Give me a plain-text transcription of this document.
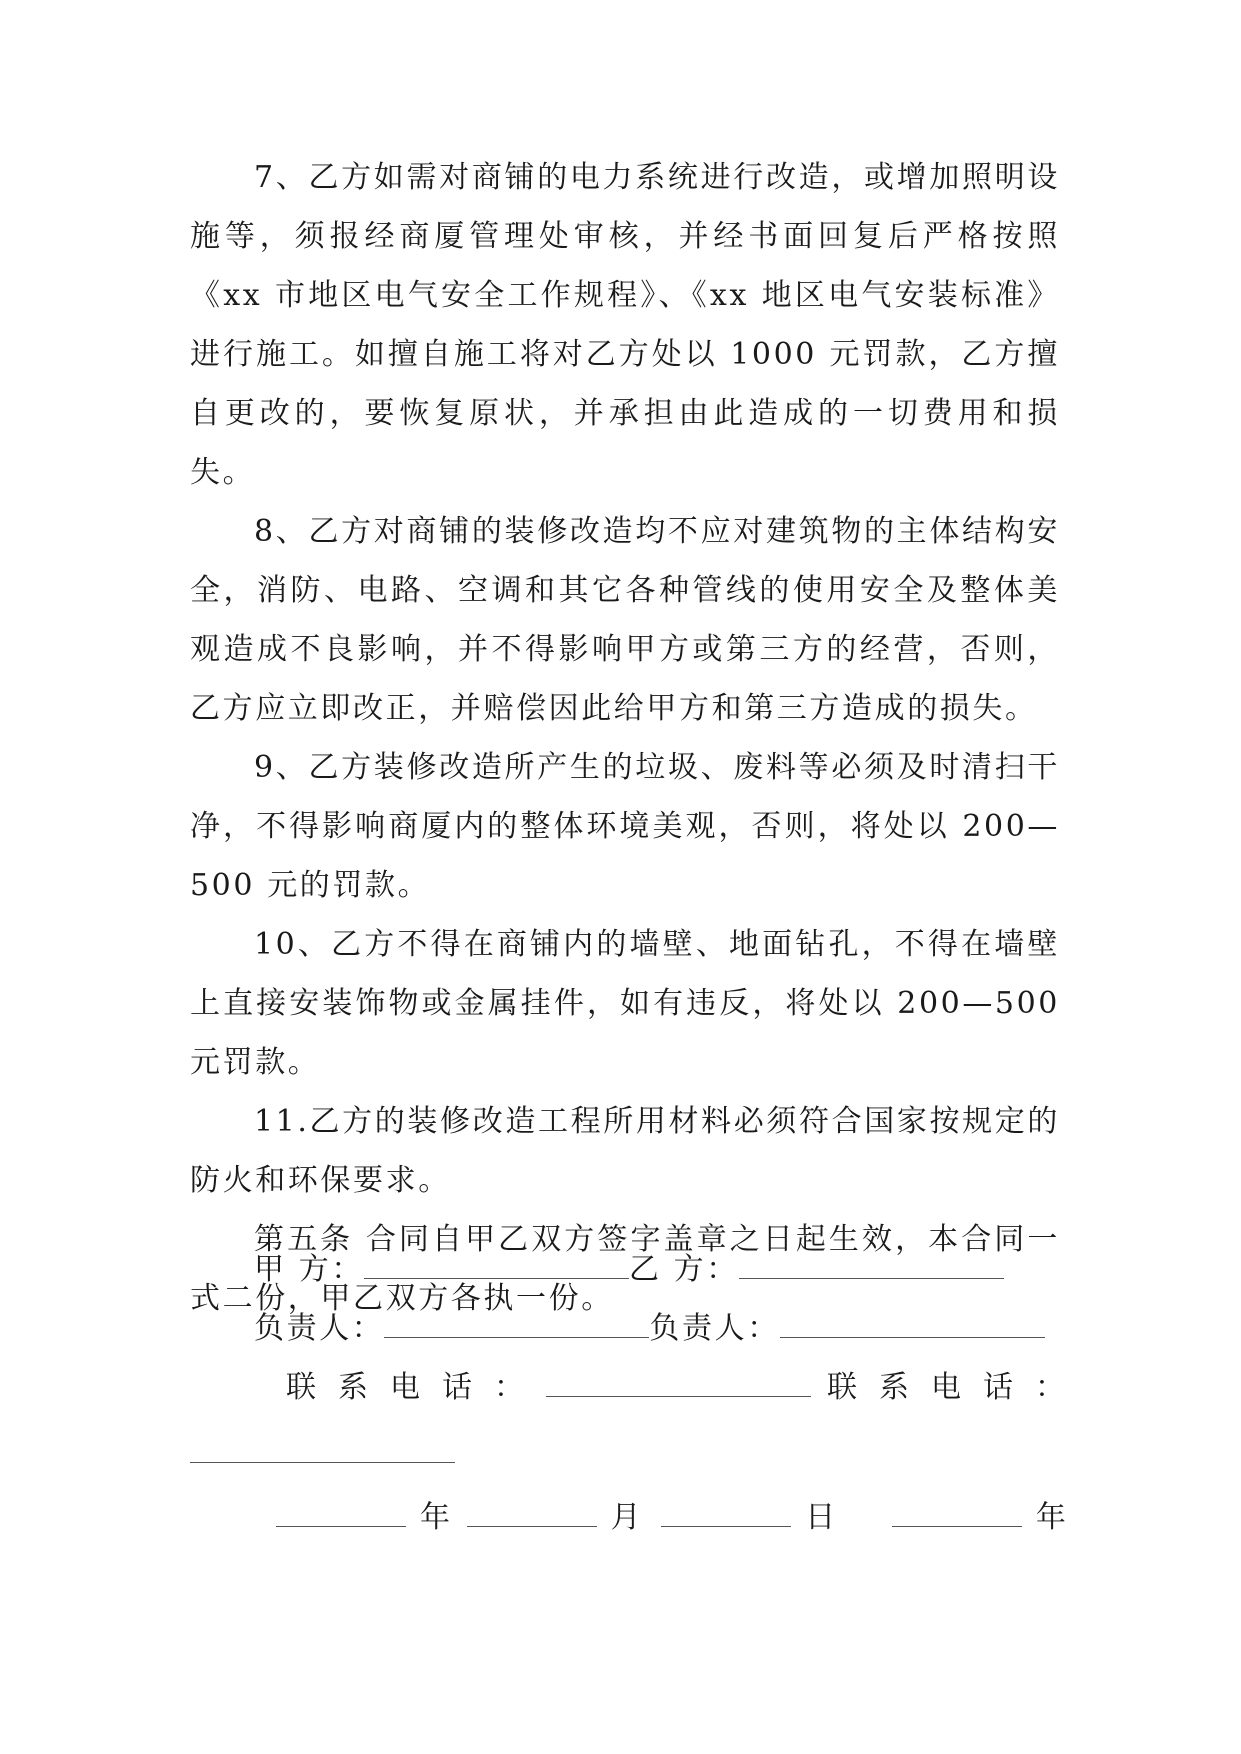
7、乙方如需对商铺的电力系统进行改造，或增加照明设施等，须报经商厦管理处审核，并经书面回复后严格按照《xx 市地区电气安全工作规程》、《xx 地区电气安装标准》进行施工。如擅自施工将对乙方处以 1000 元罚款，乙方擅自更改的，要恢复原状，并承担由此造成的一切费用和损失。

8、乙方对商铺的装修改造均不应对建筑物的主体结构安全，消防、电路、空调和其它各种管线的使用安全及整体美观造成不良影响，并不得影响甲方或第三方的经营，否则，乙方应立即改正，并赔偿因此给甲方和第三方造成的损失。

9、乙方装修改造所产生的垃圾、废料等必须及时清扫干净，不得影响商厦内的整体环境美观，否则，将处以 200—500 元的罚款。

10、乙方不得在商铺内的墙壁、地面钻孔，不得在墙壁上直接安装饰物或金属挂件，如有违反，将处以 200—500 元罚款。

11.乙方的装修改造工程所用材料必须符合国家按规定的防火和环保要求。

第五条 合同自甲乙双方签字盖章之日起生效，本合同一式二份，甲乙双方各执一份。

甲 方：	乙 方：
负责人：	负责人：
联系电话：	联系电话：
年	月	日	年
